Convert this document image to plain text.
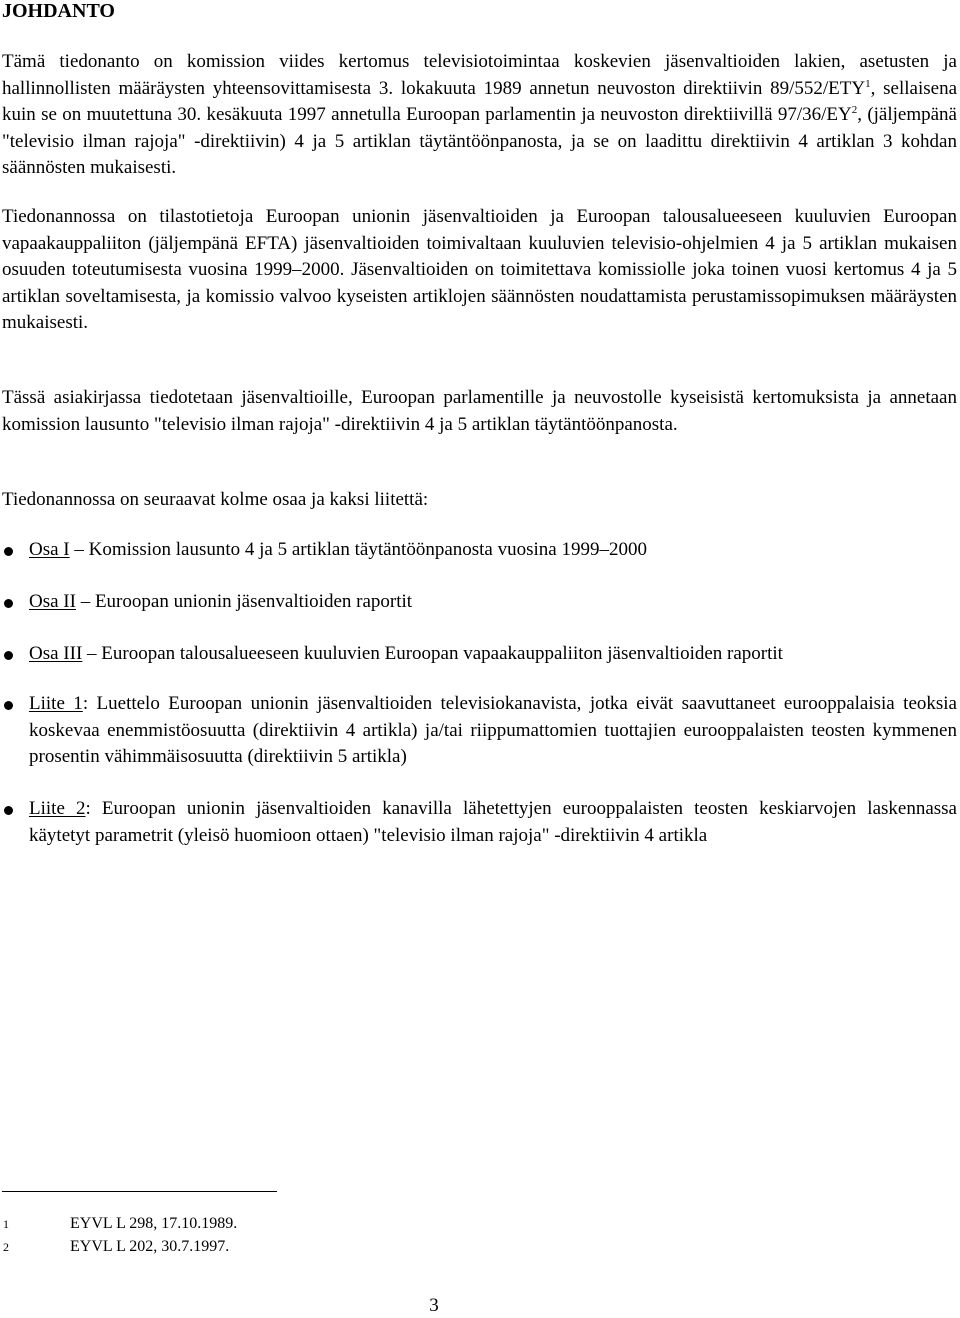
JOHDANTO

Tämä tiedonanto on komission viides kertomus televisiotoimintaa koskevien jäsenvaltioiden lakien, asetusten ja hallinnollisten määräysten yhteensovittamisesta 3. lokakuuta 1989 annetun neuvoston direktiivin 89/552/ETY$^1$, sellaisena kuin se on muutettuna 30. kesäkuuta 1997 annetulla Euroopan parlamentin ja neuvoston direktiivillä $97/36/EY^2$, (jäljempänä "televisio ilman rajoja" -direktiivin) 4 ja 5 artiklan täytäntöönpanosta, ja se on laadittu direktiivin 4 artiklan 3 kohdan säännösten mukaisesti.

Tiedonannossa on tilastotietoja Euroopan unionin jäsenvaltioiden ja Euroopan talousalueeseen kuuluvien Euroopan vapaakauppaliiton (jäljempänä EFTA) jäsenvaltioiden toimivaltaan kuuluvien televisio-ohjelmien 4 ja 5 artiklan mukaisen osuuden toteutumisesta vuosina 1999–2000. Jäsenvaltioiden on toimitettava komissiolle joka toinen vuosi kertomus 4 ja 5 artiklan soveltamisesta, ja komissio valvoo kyseisten artiklojen säännösten noudattamista perustamissopimuksen määräysten mukaisesti.

Tässä asiakirjassa tiedotetaan jäsenvaltioille, Euroopan parlamentille ja neuvostolle kyseisistä kertomuksista ja annetaan komission lausunto "televisio ilman rajoja" -direktiivin 4 ja 5 artiklan täytäntöönpanosta.

Tiedonannossa on seuraavat kolme osaa ja kaksi liitettä:

Osa I – Komission lausunto 4 ja 5 artiklan täytäntöönpanosta vuosina 1999–2000

Osa II – Euroopan unionin jäsenvaltioiden raportit

Osa III – Euroopan talousalueeseen kuuluvien Euroopan vapaakauppaliiton jäsenvaltioiden raportit

Liite 1: Luettelo Euroopan unionin jäsenvaltioiden televisiokanavista, jotka eivät saavuttaneet eurooppalaisia teoksia koskevaa enemmistöosuutta (direktiivin 4 artikla) ja/tai riippumattomien tuottajien eurooppalaisten teosten kymmenen prosentin vähimmäisosuutta (direktiivin 5 artikla)

Liite 2: Euroopan unionin jäsenvaltioiden kanavilla lähetettyjen eurooppalaisten teosten keskiarvojen laskennassa käytetyt parametrit (yleisö huomioon ottaen) "televisio ilman rajoja" -direktiivin 4 artikla

1	EYVL L 298, 17.10.1989.
2	EYVL L 202, 30.7.1997.
3
